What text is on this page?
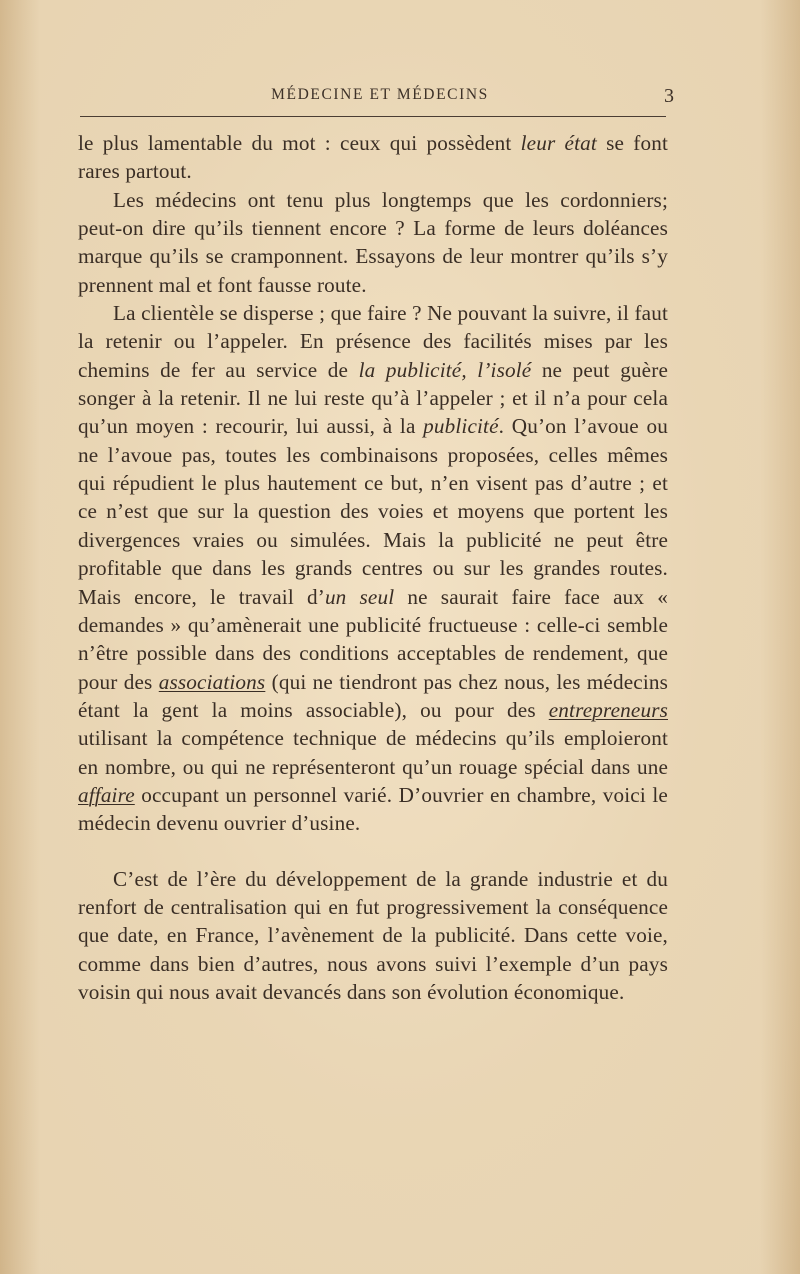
MÉDECINE ET MÉDECINS	3

le plus lamentable du mot : ceux qui possèdent leur état se font rares partout.

Les médecins ont tenu plus longtemps que les cordonniers; peut-on dire qu’ils tiennent encore ? La forme de leurs doléances marque qu’ils se cramponnent. Essayons de leur montrer qu’ils s’y prennent mal et font fausse route.

La clientèle se disperse ; que faire ? Ne pouvant la suivre, il faut la retenir ou l’appeler. En présence des facilités mises par les chemins de fer au service de la publicité, l’isolé ne peut guère songer à la retenir. Il ne lui reste qu’à l’appeler ; et il n’a pour cela qu’un moyen : recourir, lui aussi, à la publicité. Qu’on l’avoue ou ne l’avoue pas, toutes les combinaisons proposées, celles mêmes qui répudient le plus hautement ce but, n’en visent pas d’autre ; et ce n’est que sur la question des voies et moyens que portent les divergences vraies ou simulées. Mais la publicité ne peut être profitable que dans les grands centres ou sur les grandes routes. Mais encore, le travail d’un seul ne saurait faire face aux « demandes » qu’amènerait une publicité fructueuse : celle-ci semble n’être possible dans des conditions acceptables de rendement, que pour des associations (qui ne tiendront pas chez nous, les médecins étant la gent la moins associable), ou pour des entrepreneurs utilisant la compétence technique de médecins qu’ils emploieront en nombre, ou qui ne représenteront qu’un rouage spécial dans une affaire occupant un personnel varié. D’ouvrier en chambre, voici le médecin devenu ouvrier d’usine.

C’est de l’ère du développement de la grande industrie et du renfort de centralisation qui en fut progressivement la conséquence que date, en France, l’avènement de la publicité. Dans cette voie, comme dans bien d’autres, nous avons suivi l’exemple d’un pays voisin qui nous avait devancés dans son évolution économique.
